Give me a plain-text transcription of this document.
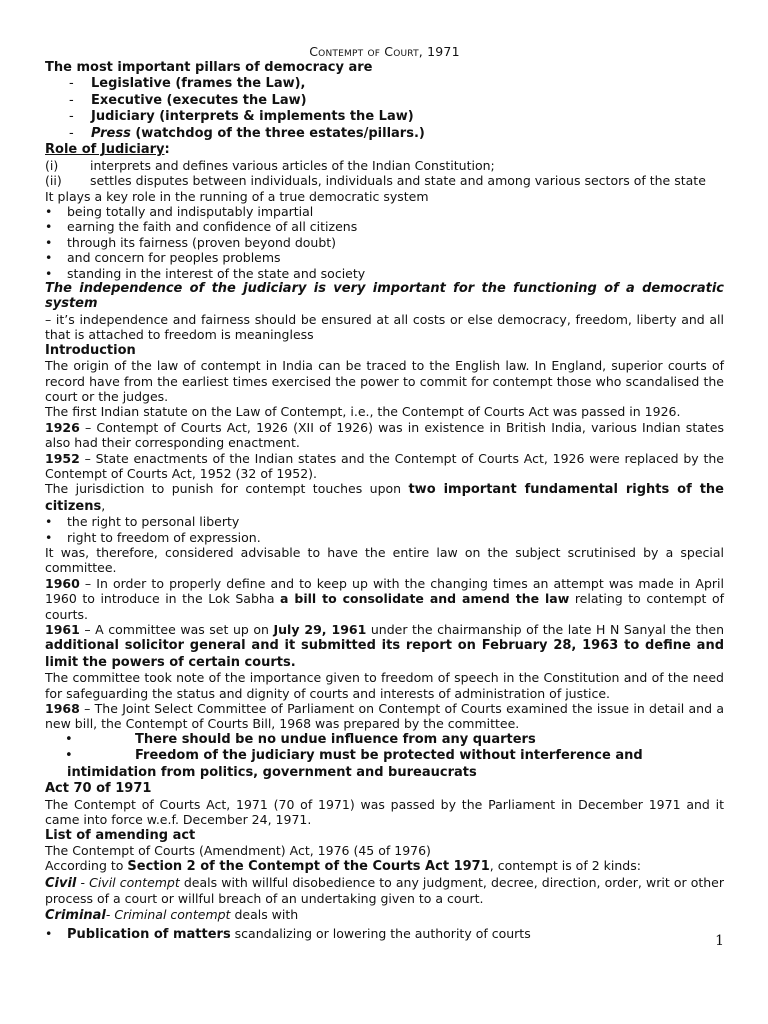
Contempt of Court, 1971
The most important pillars of democracy are
- Legislative (frames the Law),
- Executive (executes the Law)
- Judiciary (interprets & implements the Law)
- Press (watchdog of the three estates/pillars.)
Role of Judiciary:
(i)	interprets and defines various articles of the Indian Constitution;
(ii)	settles disputes between individuals, individuals and state and among various sectors of the state

It plays a key role in the running of a true democratic system

• being totally and indisputably impartial
• earning the faith and confidence of all citizens
• through its fairness (proven beyond doubt)
• and concern for peoples problems
• standing in the interest of the state and society

The independence of the judiciary is very important for the functioning of a democratic system

– it’s independence and fairness should be ensured at all costs or else democracy, freedom, liberty and all that is attached to freedom is meaningless

Introduction

The origin of the law of contempt in India can be traced to the English law. In England, superior courts of record have from the earliest times exercised the power to commit for contempt those who scandalised the court or the judges.

The first Indian statute on the Law of Contempt, i.e., the Contempt of Courts Act was passed in 1926.

1926 – Contempt of Courts Act, 1926 (XII of 1926) was in existence in British India, various Indian states also had their corresponding enactment.

1952 – State enactments of the Indian states and the Contempt of Courts Act, 1926 were replaced by the Contempt of Courts Act, 1952 (32 of 1952).

The jurisdiction to punish for contempt touches upon two important fundamental rights of the citizens,

• the right to personal liberty
• right to freedom of expression.

It was, therefore, considered advisable to have the entire law on the subject scrutinised by a special committee.

1960 – In order to properly define and to keep up with the changing times an attempt was made in April 1960 to introduce in the Lok Sabha a bill to consolidate and amend the law relating to contempt of courts.

1961 – A committee was set up on July 29, 1961 under the chairmanship of the late H N Sanyal the then additional solicitor general and it submitted its report on February 28, 1963 to define and limit the powers of certain courts.

The committee took note of the importance given to freedom of speech in the Constitution and of the need for safeguarding the status and dignity of courts and interests of administration of justice.

1968 – The Joint Select Committee of Parliament on Contempt of Courts examined the issue in detail and a new bill, the Contempt of Courts Bill, 1968 was prepared by the committee.

•	There should be no undue influence from any quarters
•	Freedom of the judiciary must be protected without interference and intimidation from politics, government and bureaucrats
Act 70 of 1971

The Contempt of Courts Act, 1971 (70 of 1971) was passed by the Parliament in December 1971 and it came into force w.e.f. December 24, 1971.

List of amending act

The Contempt of Courts (Amendment) Act, 1976 (45 of 1976)

According to Section 2 of the Contempt of the Courts Act 1971, contempt is of 2 kinds:

Civil - Civil contempt deals with willful disobedience to any judgment, decree, direction, order, writ or other process of a court or willful breach of an undertaking given to a court.

Criminal- Criminal contempt deals with

• Publication of matters scandalizing or lowering the authority of courts	1
